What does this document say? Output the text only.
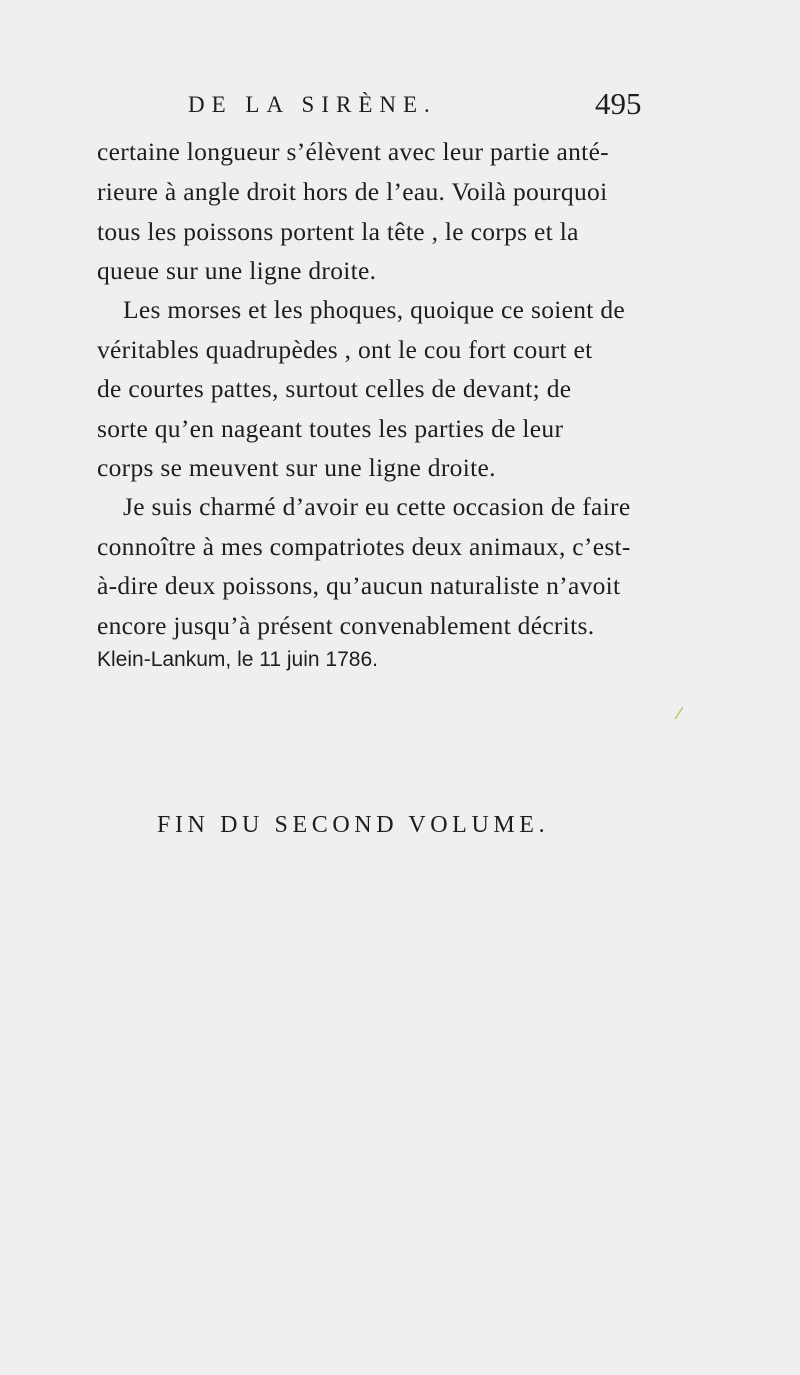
DE LA SIRÈNE.	495
certaine longueur s’élèvent avec leur partie anté-
rieure à angle droit hors de l’eau. Voilà pourquoi
tous les poissons portent la tête , le corps et la
queue sur une ligne droite.
Les morses et les phoques, quoique ce soient de
véritables quadrupèdes , ont le cou fort court et
de courtes pattes, surtout celles de devant; de
sorte qu’en nageant toutes les parties de leur
corps se meuvent sur une ligne droite.
Je suis charmé d’avoir eu cette occasion de faire
connoître à mes compatriotes deux animaux, c’est-
à-dire deux poissons, qu’aucun naturaliste n’avoit
encore jusqu’à présent convenablement décrits.
Klein-Lankum, le 11 juin 1786.
FIN DU SECOND VOLUME.
